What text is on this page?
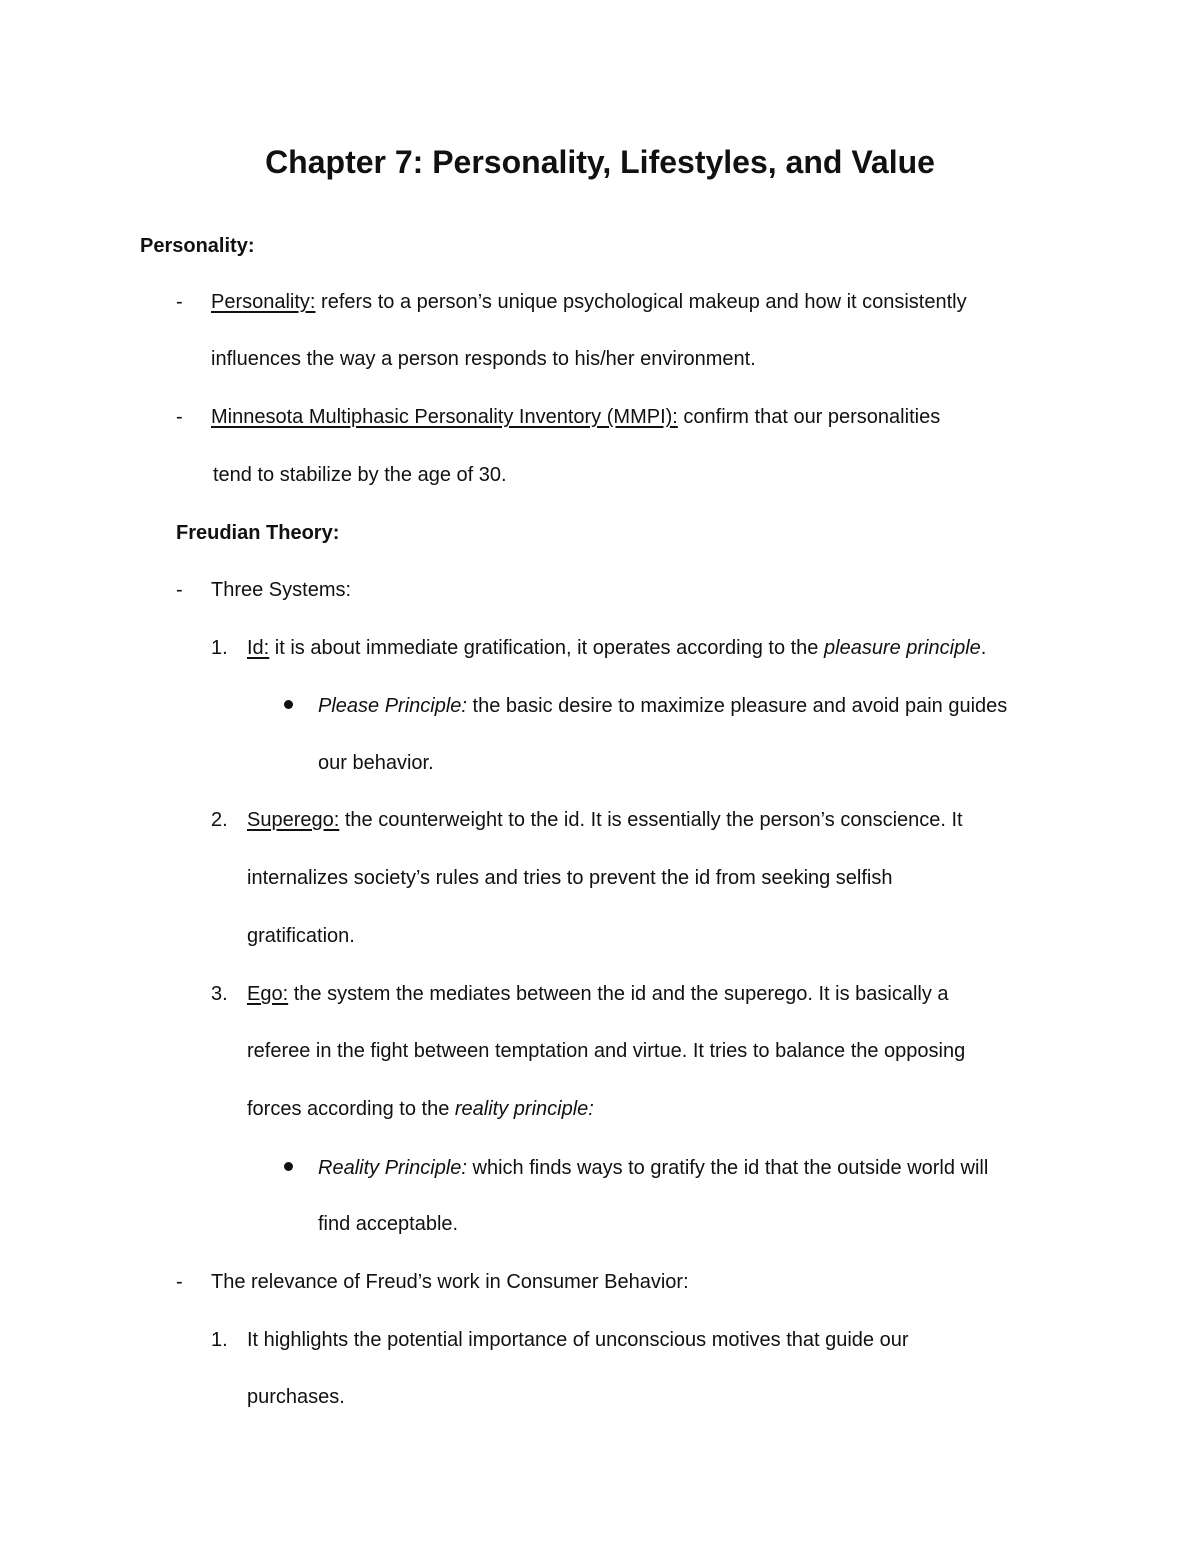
Chapter 7: Personality, Lifestyles, and Value
Personality:
- Personality: refers to a person’s unique psychological makeup and how it consistently
influences the way a person responds to his/her environment.
- Minnesota Multiphasic Personality Inventory (MMPI): confirm that our personalities
tend to stabilize by the age of 30.
Freudian Theory:
- Three Systems:
1. Id: it is about immediate gratification, it operates according to the pleasure principle.
Please Principle: the basic desire to maximize pleasure and avoid pain guides
our behavior.
2. Superego: the counterweight to the id. It is essentially the person’s conscience. It
internalizes society’s rules and tries to prevent the id from seeking selfish
gratification.
3. Ego: the system the mediates between the id and the superego. It is basically a
referee in the fight between temptation and virtue. It tries to balance the opposing
forces according to the reality principle:
Reality Principle: which finds ways to gratify the id that the outside world will
find acceptable.
- The relevance of Freud’s work in Consumer Behavior:
1. It highlights the potential importance of unconscious motives that guide our
purchases.
